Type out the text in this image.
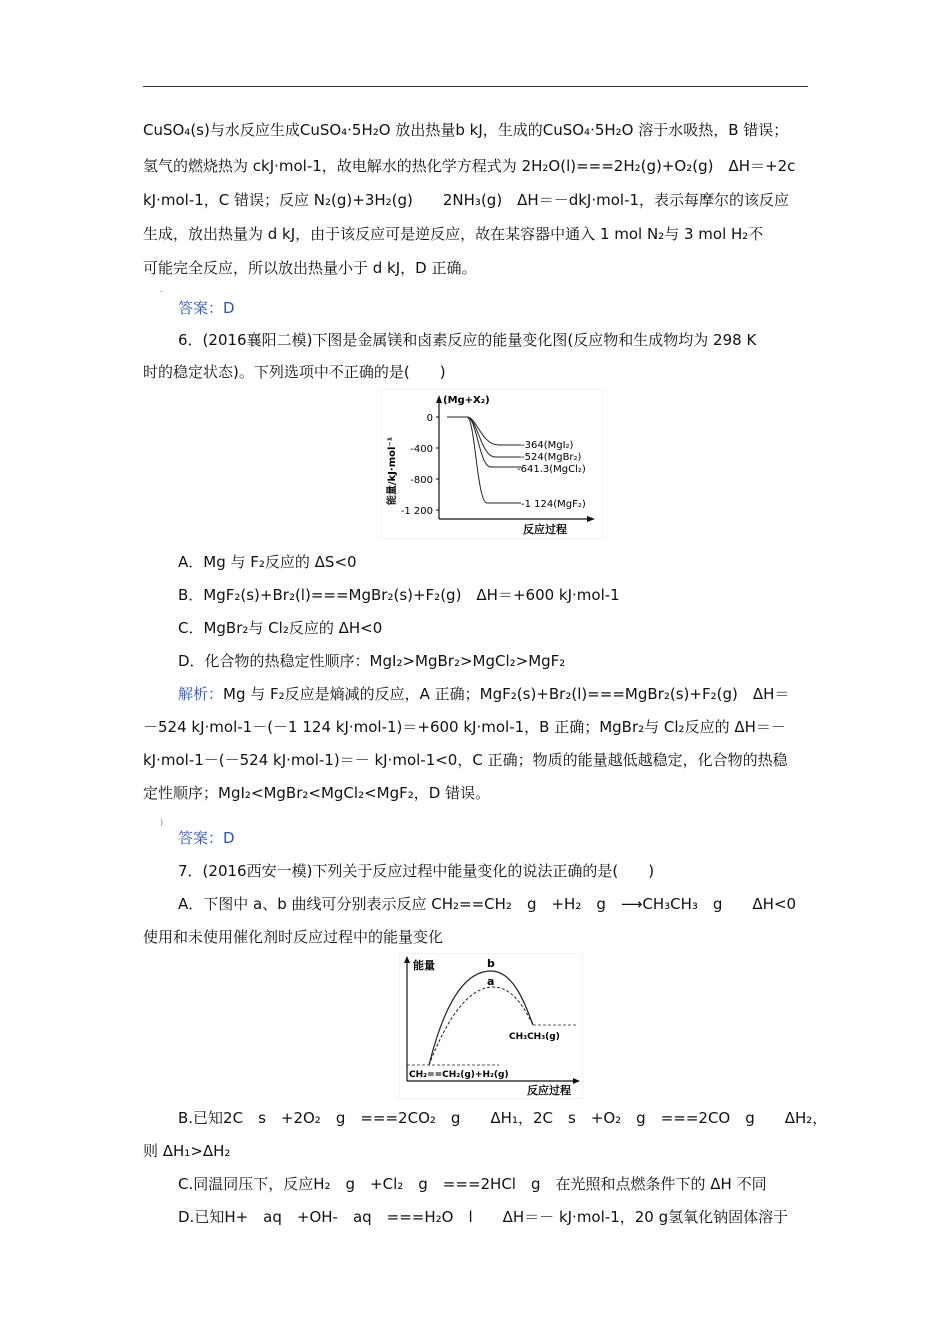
CuSO₄(s)与水反应生成CuSO₄·5H₂O 放出热量b kJ，生成的CuSO₄·5H₂O 溶于水吸热，B 错误；
氢气的燃烧热为 ckJ·mol-1，故电解水的热化学方程式为 2H₂O(l)===2H₂(g)+O₂(g)　ΔH＝+2c
kJ·mol-1，C 错误；反应 N₂(g)+3H₂(g)　　2NH₃(g)　ΔH＝－dkJ·mol-1，表示每摩尔的该反应
生成，放出热量为 d kJ，由于该反应可是逆反应，故在某容器中通入 1 mol N₂与 3 mol H₂不
可能完全反应，所以放出热量小于 d kJ，D 正确。
-
答案：D
6．(2016襄阳二模)下图是金属镁和卤素反应的能量变化图(反应物和生成物均为 298 K
时的稳定状态)。下列选项中不正确的是(　　)
0
-400
-800
-1 200
能量/kJ·mol⁻¹
(Mg+X₂)
-364(MgI₂)
-524(MgBr₂)
-641.3(MgCl₂)
-1 124(MgF₂)
反应过程
A．Mg 与 F₂反应的 ΔS<0
B．MgF₂(s)+Br₂(l)===MgBr₂(s)+F₂(g)　ΔH＝+600 kJ·mol-1
C．MgBr₂与 Cl₂反应的 ΔH<0
D．化合物的热稳定性顺序：MgI₂>MgBr₂>MgCl₂>MgF₂
解析：Mg 与 F₂反应是熵减的反应，A 正确；MgF₂(s)+Br₂(l)===MgBr₂(s)+F₂(g)　ΔH＝
－524 kJ·mol-1－(－1 124 kJ·mol-1)＝+600 kJ·mol-1，B 正确；MgBr₂与 Cl₂反应的 ΔH＝－
kJ·mol-1－(－524 kJ·mol-1)＝－ kJ·mol-1<0，C 正确；物质的能量越低越稳定，化合物的热稳
定性顺序；MgI₂<MgBr₂<MgCl₂<MgF₂，D 错误。
)
答案：D
7．(2016西安一模)下列关于反应过程中能量变化的说法正确的是(　　)
A．下图中 a、b 曲线可分别表示反应 CH₂==CH₂　g　+H₂　g　⟶CH₃CH₃　g　　ΔH<0
使用和未使用催化剂时反应过程中的能量变化
能量	b
a
CH₃CH₃(g)
CH₂==CH₂(g)+H₂(g)
反应过程
B.已知2C　s　+2O₂　g　===2CO₂　g　　ΔH₁，2C　s　+O₂　g　===2CO　g　　ΔH₂，
则 ΔH₁>ΔH₂
C.同温同压下，反应H₂　g　+Cl₂　g　===2HCl　g　在光照和点燃条件下的 ΔH 不同
D.已知H+　aq　+OH-　aq　===H₂O　l　　ΔH＝－ kJ·mol-1，20 g氢氧化钠固体溶于
